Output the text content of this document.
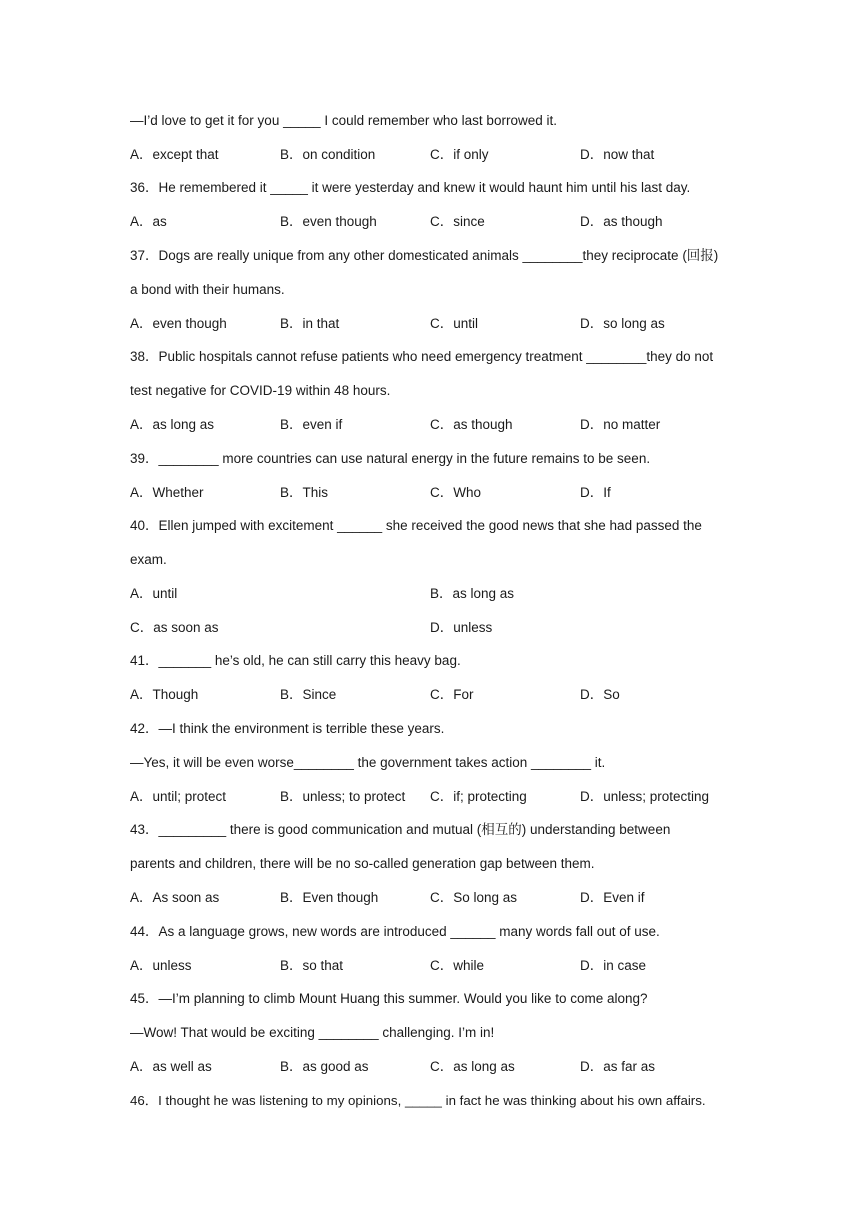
—I’d love to get it for you _____ I could remember who last borrowed it.
A．except that	B．on condition	C．if only	D．now that
36．He remembered it _____ it were yesterday and knew it would haunt him until his last day.
A．as	B．even though	C．since	D．as though
37．Dogs are really unique from any other domesticated animals ________they reciprocate (回报)
a bond with their humans.
A．even though	B．in that	C．until	D．so long as
38．Public hospitals cannot refuse patients who need emergency treatment ________they do not
test negative for COVID-19 within 48 hours.
A．as long as	B．even if	C．as though	D．no matter
39．________ more countries can use natural energy in the future remains to be seen.
A．Whether	B．This	C．Who	D．If
40．Ellen jumped with excitement ______ she received the good news that she had passed the
exam.
A．until	B．as long as
C．as soon as	D．unless
41．_______ he’s old, he can still carry this heavy bag.
A．Though	B．Since	C．For	D．So
42．—I think the environment is terrible these years.
—Yes, it will be even worse________ the government takes action ________ it.
A．until; protect	B．unless; to protect C．if; protecting	D．unless; protecting
43．_________ there is good communication and mutual (相互的) understanding between
parents and children, there will be no so-called generation gap between them.
A．As soon as	B．Even though	C．So long as	D．Even if
44．As a language grows, new words are introduced ______ many words fall out of use.
A．unless	B．so that	C．while	D．in case
45．—I’m planning to climb Mount Huang this summer. Would you like to come along?
—Wow! That would be exciting ________ challenging. I’m in!
A．as well as	B．as good as	C．as long as	D．as far as
46．I thought he was listening to my opinions, _____ in fact he was thinking about his own affairs.
